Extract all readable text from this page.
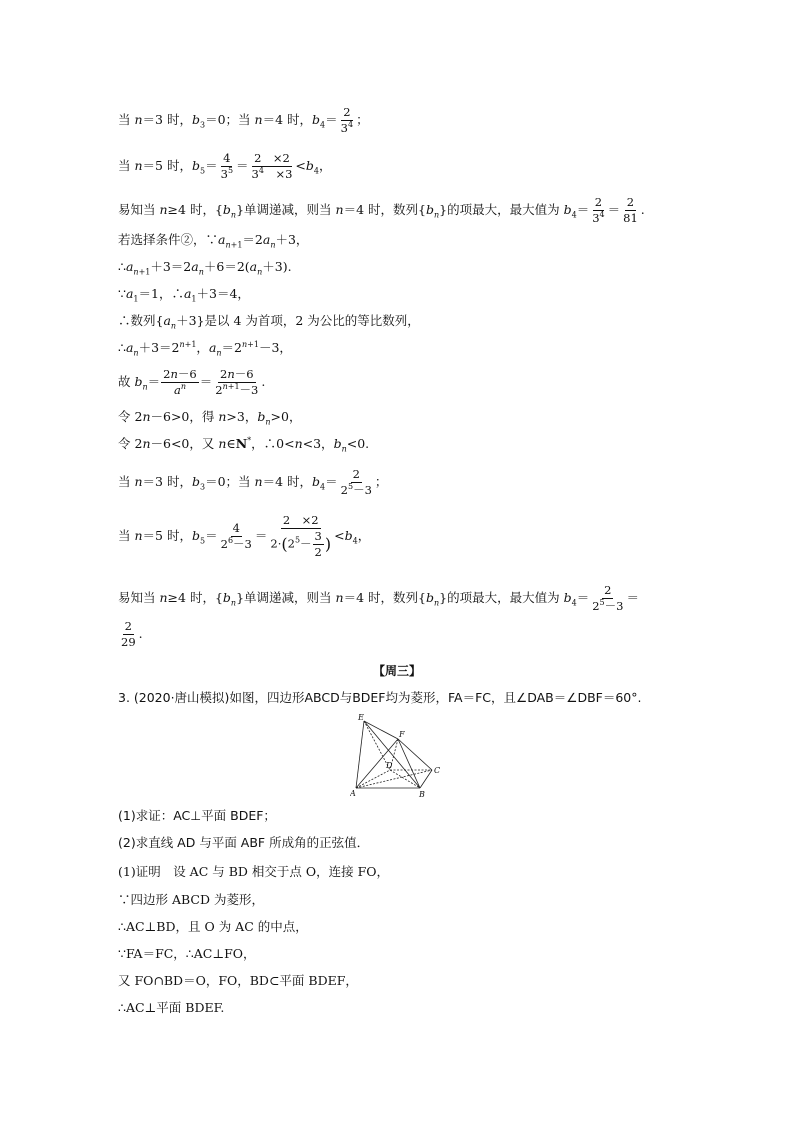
当 n＝3 时，$b_3=0$；当 n＝4 时，$b_4= \frac{2}{3^4}$ ；
当 n＝5 时，$b_5= \frac{4}{3^5} = \frac{2 \times 2}{3^4 \times 3} <b_4$，
易知当 n≥4 时，$\{b_n\}$单调递减，则当 n＝4 时，数列$\{b_n\}$的项最大，最大值为 $b_4= \frac{2}{3^4} = \frac{2}{81}$ .
若选择条件②，$\because a_{n+1}=2a_n+3$，
$\therefore a_{n+1}+3=2a_n+6=2(a_n+3)$.
$\because a_1=1$，$\therefore a_1+3=4$，
∴数列$\{a_n+3\}$是以 4 为首项，2 为公比的等比数列，
$\therefore a_n+3=2^{n+1}$，$a_n=2^{n+1}-3$，
故 $b_n= \frac{2n-6}{a^n} = \frac{2n-6}{2^{n+1}-3}$ .
令 2n－6>0，得 n>3，$b_n>0$，
令 2n－6<0，又 n∈N*，∴0<n<3，$b_n<0$.
当 n＝3 时，$b_3=0$；当 n＝4 时，$b_4= \frac{2}{2^5-3}$ ；
当 n＝5 时，$b_5= \frac{4}{2^6-3} = \frac{2 \times 2}{2\cdot(2^5- \frac{3}{2} )} <b_4$，
易知当 n≥4 时，$\{b_n\}$单调递减，则当 n＝4 时，数列$\{b_n\}$的项最大，最大值为 $b_4= \frac{2}{2^5-3}$ ＝
$\frac{2}{29}$ .
【周三】
3. (2020·唐山模拟)如图，四边形ABCD与BDEF均为菱形，FA＝FC，且∠DAB＝∠DBF＝60°.
E
F
D
C
A	B
(1)求证：AC⊥平面 BDEF；
(2)求直线 AD 与平面 ABF 所成角的正弦值．
(1)证明　设 AC 与 BD 相交于点 O，连接 FO，
∵四边形 ABCD 为菱形，
∴AC⊥BD，且 O 为 AC 的中点，
∵FA＝FC，∴AC⊥FO，
又 FO∩BD＝O，FO，BD⊂平面 BDEF，
∴AC⊥平面 BDEF.
